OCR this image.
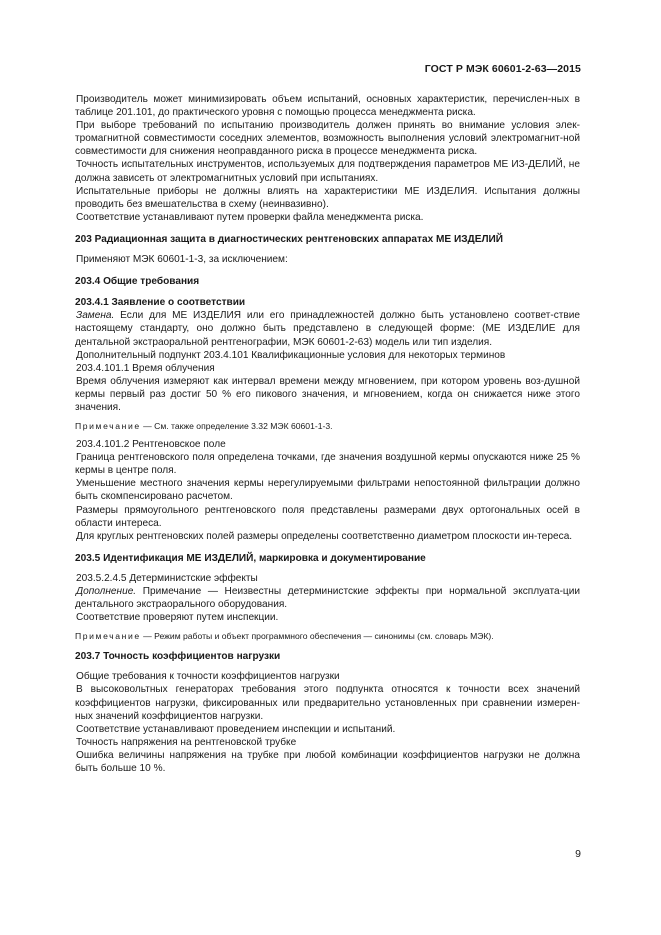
ГОСТ Р МЭК 60601-2-63—2015

Производитель может минимизировать объем испытаний, основных характеристик, перечислен-ных в таблице 201.101, до практического уровня с помощью процесса менеджмента риска.

При выборе требований по испытанию производитель должен принять во внимание условия элек-тромагнитной совместимости соседних элементов, возможность выполнения условий электромагнит-ной совместимости для снижения неоправданного риска в процессе менеджмента риска.

Точность испытательных инструментов, используемых для подтверждения параметров МЕ ИЗ-ДЕЛИЙ, не должна зависеть от электромагнитных условий при испытаниях.

Испытательные приборы не должны влиять на характеристики МЕ ИЗДЕЛИЯ. Испытания должны проводить без вмешательства в схему (неинвазивно).

Соответствие устанавливают путем проверки файла менеджмента риска.

203 Радиационная защита в диагностических рентгеновских аппаратах МЕ ИЗДЕЛИЙ

Применяют МЭК 60601-1-3, за исключением:

203.4 Общие требования

203.4.1 Заявление о соответствии

Замена. Если для МЕ ИЗДЕЛИЯ или его принадлежностей должно быть установлено соответ-ствие настоящему стандарту, оно должно быть представлено в следующей форме: (МЕ ИЗДЕЛИЕ для дентальной экстраоральной рентгенографии, МЭК 60601-2-63) модель или тип изделия.

Дополнительный подпункт 203.4.101 Квалификационные условия для некоторых терминов

203.4.101.1 Время облучения

Время облучения измеряют как интервал времени между мгновением, при котором уровень воз-душной кермы первый раз достиг 50 % его пикового значения, и мгновением, когда он снижается ниже этого значения.

Примечание — См. также определение 3.32 МЭК 60601-1-3.

203.4.101.2 Рентгеновское поле

Граница рентгеновского поля определена точками, где значения воздушной кермы опускаются ниже 25 % кермы в центре поля.

Уменьшение местного значения кермы нерегулируемыми фильтрами непостоянной фильтрации должно быть скомпенсировано расчетом.

Размеры прямоугольного рентгеновского поля представлены размерами двух ортогональных осей в области интереса.

Для круглых рентгеновских полей размеры определены соответственно диаметром плоскости ин-тереса.

203.5 Идентификация МЕ ИЗДЕЛИЙ, маркировка и документирование

203.5.2.4.5 Детерминистские эффекты

Дополнение. Примечание — Неизвестны детерминистские эффекты при нормальной эксплуата-ции дентального экстраорального оборудования.

Соответствие проверяют путем инспекции.

Примечание — Режим работы и объект программного обеспечения — синонимы (см. словарь МЭК).

203.7 Точность коэффициентов нагрузки

Общие требования к точности коэффициентов нагрузки

В высоковольтных генераторах требования этого подпункта относятся к точности всех значений коэффициентов нагрузки, фиксированных или предварительно установленных при сравнении измерен-ных значений коэффициентов нагрузки.

Соответствие устанавливают проведением инспекции и испытаний.

Точность напряжения на рентгеновской трубке

Ошибка величины напряжения на трубке при любой комбинации коэффициентов нагрузки не должна быть больше 10 %.

9
